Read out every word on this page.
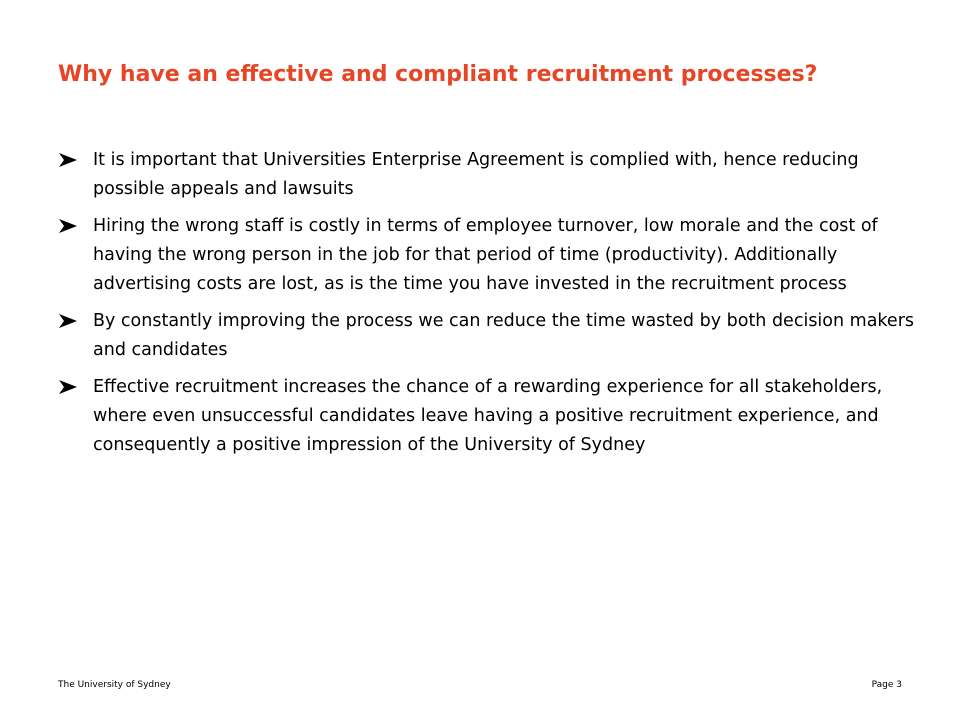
Why have an effective and compliant recruitment processes?
It is important that Universities Enterprise Agreement is complied with, hence reducing possible appeals and lawsuits
Hiring the wrong staff is costly in terms of employee turnover, low morale and the cost of having the wrong person in the job for that period of time (productivity). Additionally advertising costs are lost, as is the time you have invested in the recruitment process
By constantly improving the process we can reduce the time wasted by both decision makers and candidates
Effective recruitment increases the chance of a rewarding experience for all stakeholders, where even unsuccessful candidates leave having a positive recruitment experience, and consequently a positive impression of the University of Sydney
The University of Sydney	Page 3
